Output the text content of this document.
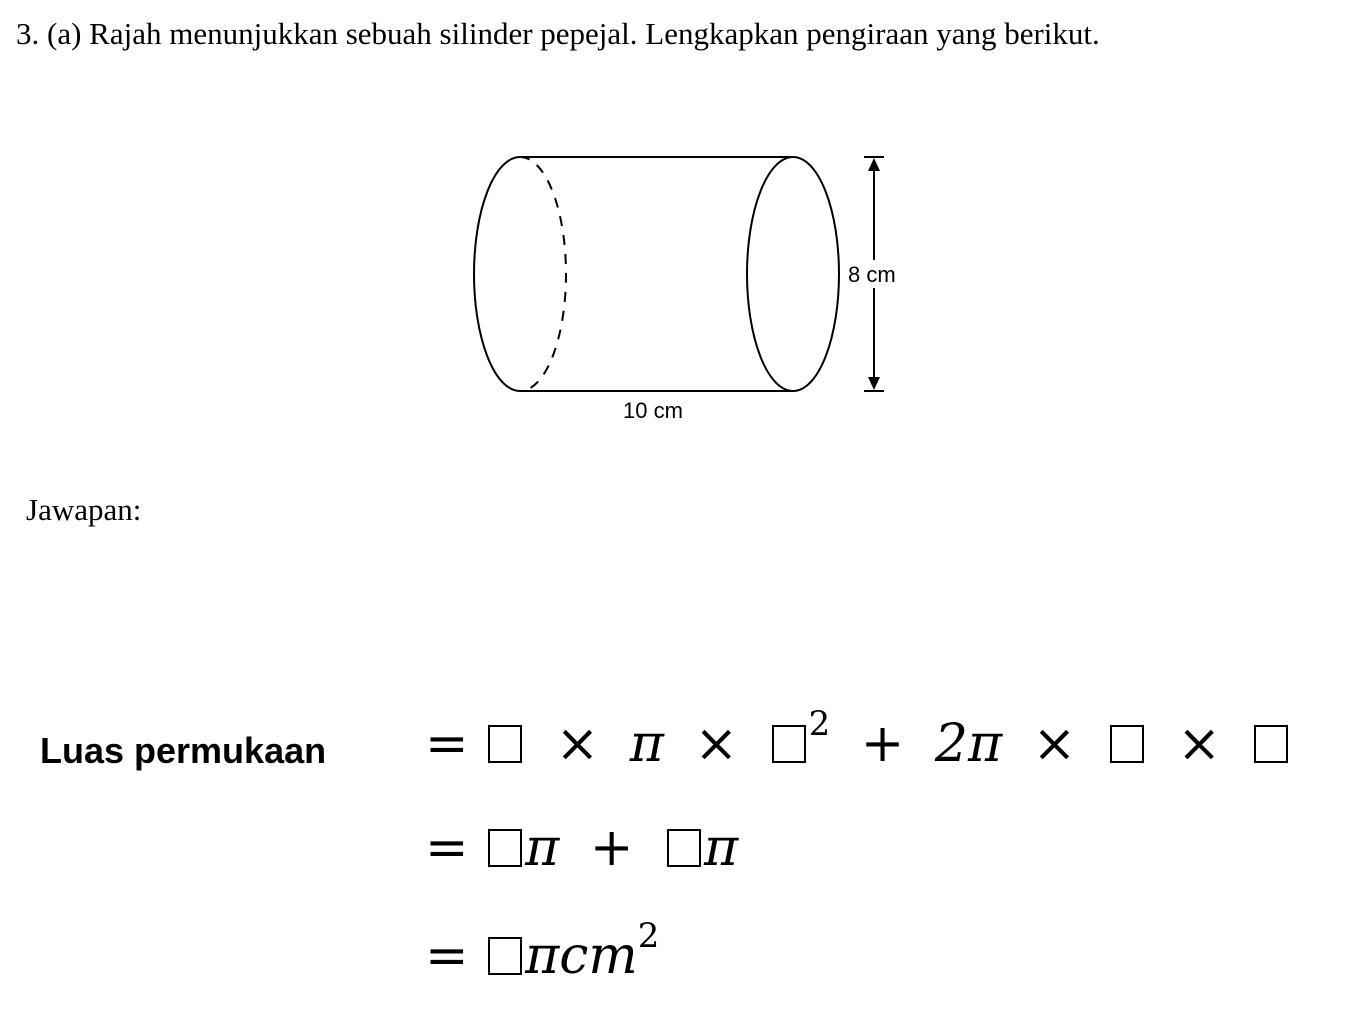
3. (a) Rajah menunjukkan sebuah silinder pepejal. Lengkapkan pengiraan yang berikut.
8 cm
10 cm
Jawapan:
Luas permukaan = × π × $^2$ + 2π × ×
= π + π
= πcm$^2$
